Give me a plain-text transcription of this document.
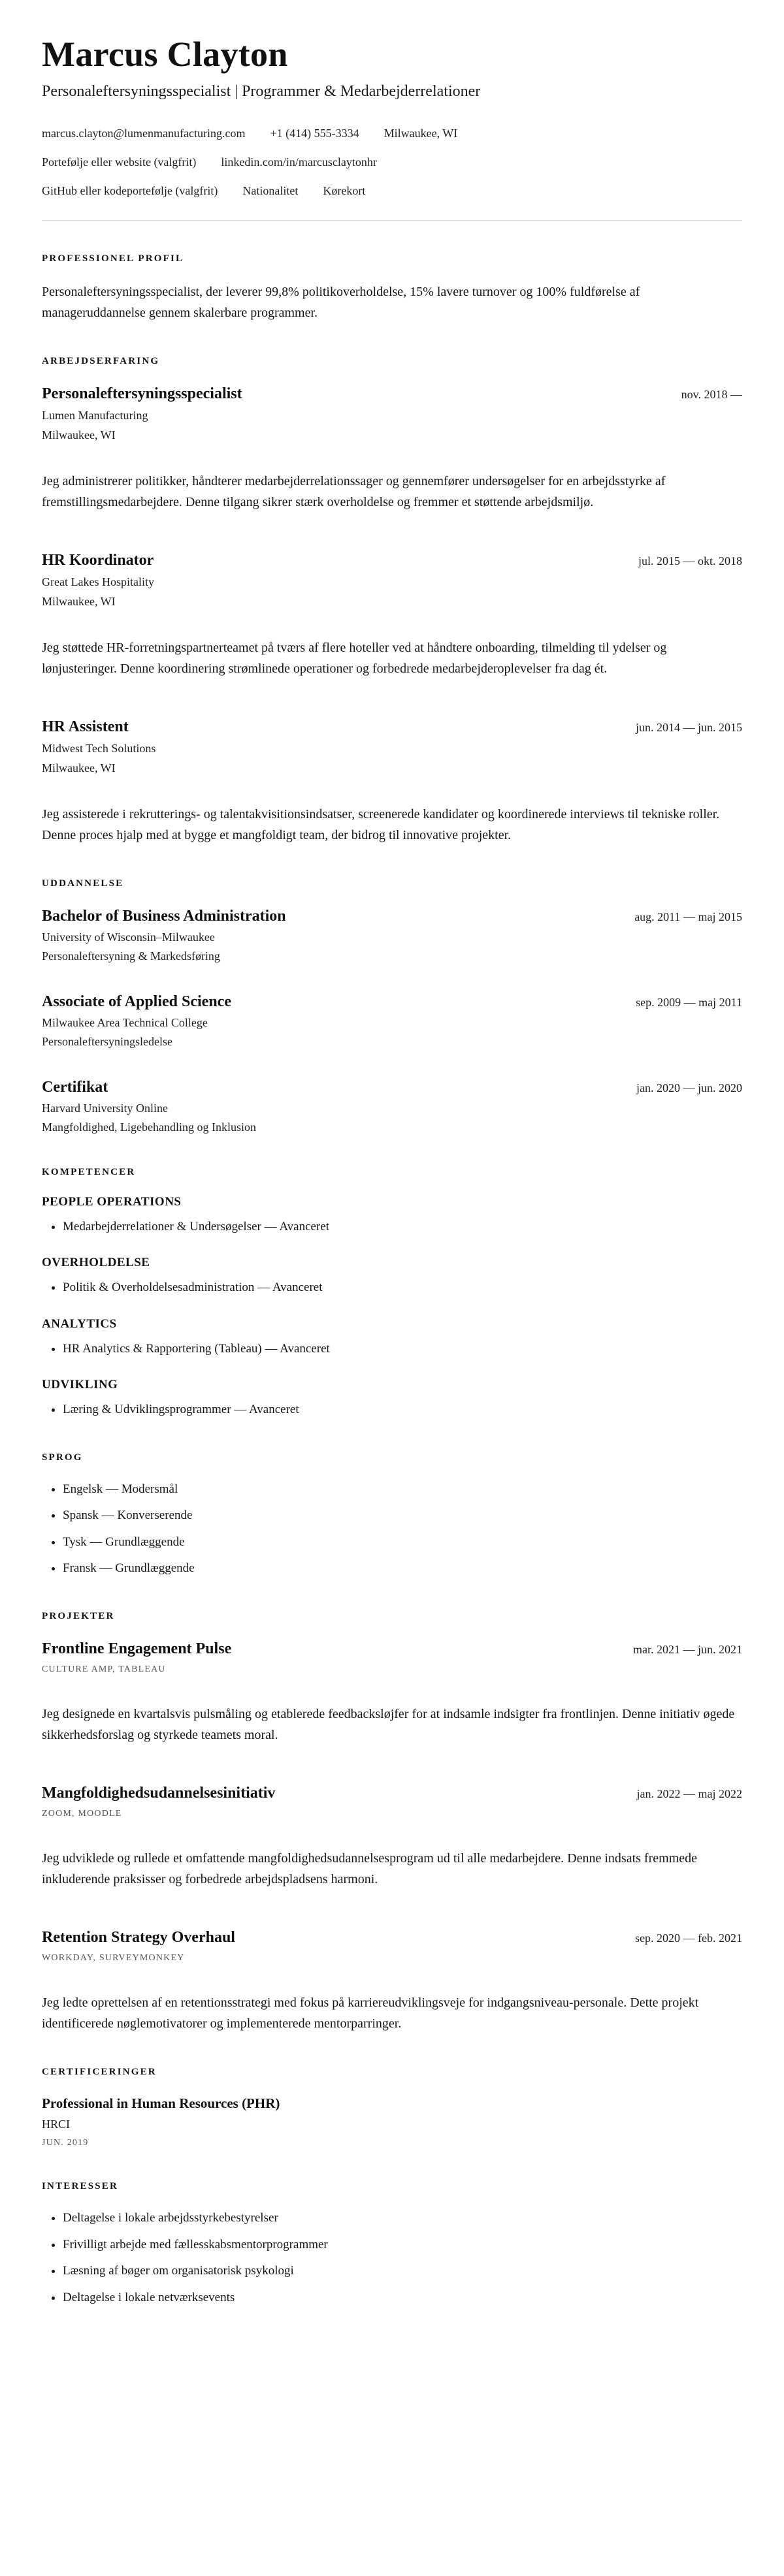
Marcus Clayton

Personaleftersyningsspecialist | Programmer & Medarbejderrelationer

marcus.clayton@lumenmanufacturing.com +1 (414) 555-3334 Milwaukee, WI
Portefølje eller website (valgfrit) linkedin.com/in/marcusclaytonhr
GitHub eller kodeportefølje (valgfrit) Nationalitet Kørekort
PROFESSIONEL PROFIL

Personaleftersyningsspecialist, der leverer 99,8% politikoverholdelse, 15% lavere turnover og 100% fuldførelse af manageruddannelse gennem skalerbare programmer.

ARBEJDSERFARING
Personaleftersyningsspecialist	nov. 2018 —
Lumen Manufacturing
Milwaukee, WI

Jeg administrerer politikker, håndterer medarbejderrelationssager og gennemfører undersøgelser for en arbejdsstyrke af fremstillingsmedarbejdere. Denne tilgang sikrer stærk overholdelse og fremmer et støttende arbejdsmiljø.

HR Koordinator	jul. 2015 — okt. 2018
Great Lakes Hospitality
Milwaukee, WI

Jeg støttede HR-forretningspartnerteamet på tværs af flere hoteller ved at håndtere onboarding, tilmelding til ydelser og lønjusteringer. Denne koordinering strømlinede operationer og forbedrede medarbejderoplevelser fra dag ét.

HR Assistent	jun. 2014 — jun. 2015
Midwest Tech Solutions
Milwaukee, WI

Jeg assisterede i rekrutterings- og talentakvisitionsindsatser, screenerede kandidater og koordinerede interviews til tekniske roller. Denne proces hjalp med at bygge et mangfoldigt team, der bidrog til innovative projekter.

UDDANNELSE
Bachelor of Business Administration	aug. 2011 — maj 2015
University of Wisconsin–Milwaukee
Personaleftersyning & Markedsføring
Associate of Applied Science	sep. 2009 — maj 2011
Milwaukee Area Technical College
Personaleftersyningsledelse
Certifikat	jan. 2020 — jun. 2020
Harvard University Online
Mangfoldighed, Ligebehandling og Inklusion
KOMPETENCER
PEOPLE OPERATIONS
• Medarbejderrelationer & Undersøgelser — Avanceret
OVERHOLDELSE
• Politik & Overholdelsesadministration — Avanceret
ANALYTICS
• HR Analytics & Rapportering (Tableau) — Avanceret
UDVIKLING
• Læring & Udviklingsprogrammer — Avanceret
SPROG
• Engelsk — Modersmål
• Spansk — Konverserende
• Tysk — Grundlæggende
• Fransk — Grundlæggende
PROJEKTER
Frontline Engagement Pulse	mar. 2021 — jun. 2021
CULTURE AMP, TABLEAU

Jeg designede en kvartalsvis pulsmåling og etablerede feedbacksløjfer for at indsamle indsigter fra frontlinjen. Denne initiativ øgede sikkerhedsforslag og styrkede teamets moral.

Mangfoldighedsudannelsesinitiativ	jan. 2022 — maj 2022
ZOOM, MOODLE

Jeg udviklede og rullede et omfattende mangfoldighedsudannelsesprogram ud til alle medarbejdere. Denne indsats fremmede inkluderende praksisser og forbedrede arbejdspladsens harmoni.

Retention Strategy Overhaul	sep. 2020 — feb. 2021
WORKDAY, SURVEYMONKEY

Jeg ledte oprettelsen af en retentionsstrategi med fokus på karriereudviklingsveje for indgangsniveau-personale. Dette projekt identificerede nøglemotivatorer og implementerede mentorparringer.

CERTIFICERINGER
Professional in Human Resources (PHR)
HRCI
JUN. 2019
INTERESSER
• Deltagelse i lokale arbejdsstyrkebestyrelser
• Frivilligt arbejde med fællesskabsmentorprogrammer
• Læsning af bøger om organisatorisk psykologi
• Deltagelse i lokale netværksevents
